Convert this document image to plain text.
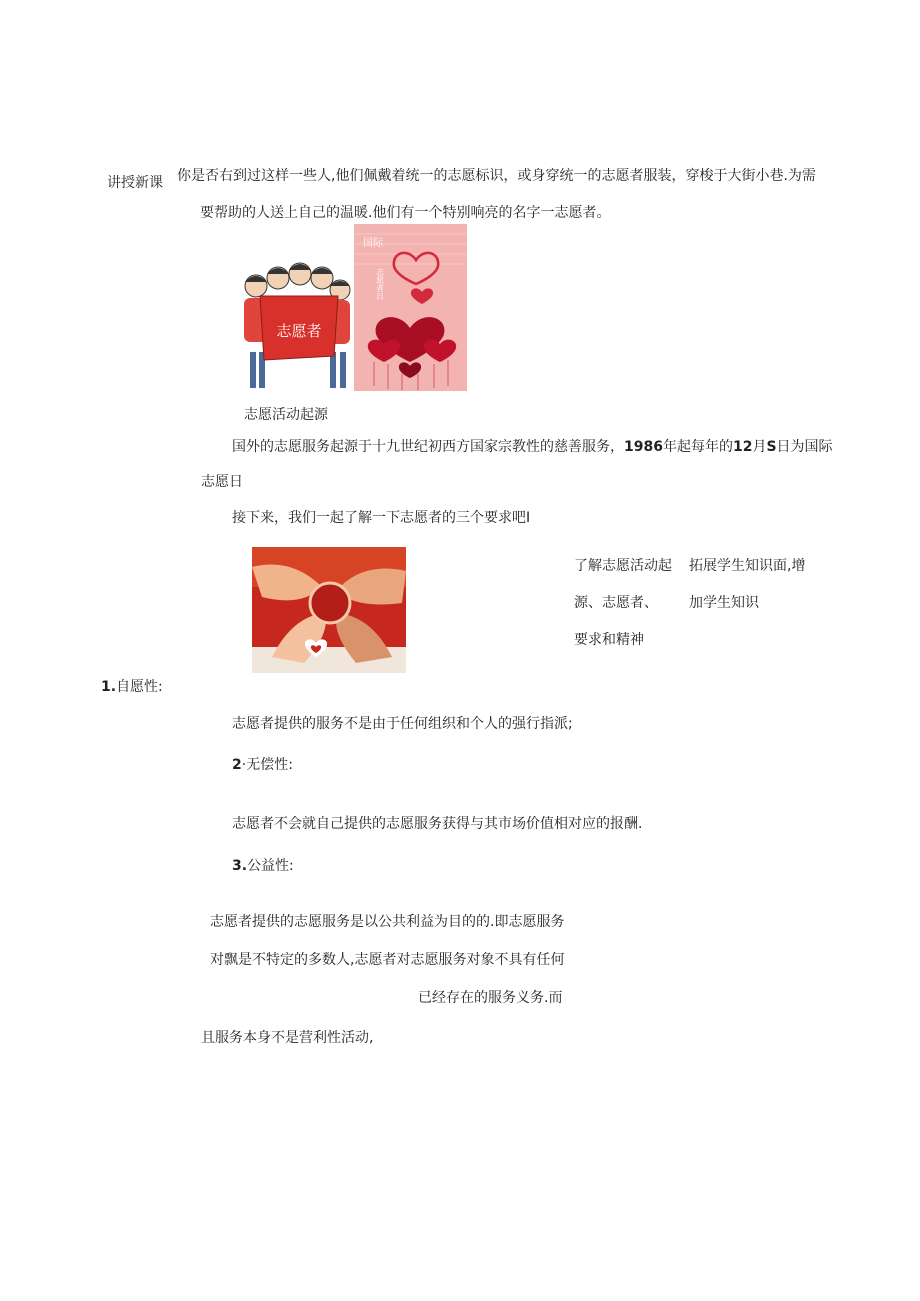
讲授新课 你是否右到过这样一些人,他们佩戴着统一的志愿标识，或身穿统一的志愿者服装，穿梭于大街小巷.为需
要帮助的人送上自己的温暖.他们有一个特别响亮的名字一志愿者。
志愿者
国际
志愿者日
志愿活动起源
国外的志愿服务起源于十九世纪初西方国家宗教性的慈善服务，1986年起每年的12月S日为国际
志愿日
接下来，我们一起了解一下志愿者的三个要求吧I
了解志愿活动起
源、志愿者、
要求和精神
拓展学生知识面,增
加学生知识
1.自愿性:
志愿者提供的服务不是由于任何组织和个人的强行指派;
2·无偿性:
志愿者不会就自己提供的志愿服务获得与其市场价值相对应的报酬.
3.公益性:
志愿者提供的志愿服务是以公共利益为目的的.即志愿服务
对飘是不特定的多数人,志愿者对志愿服务对象不具有任何
已经存在的服务义务.而
且服务本身不是营利性活动,
